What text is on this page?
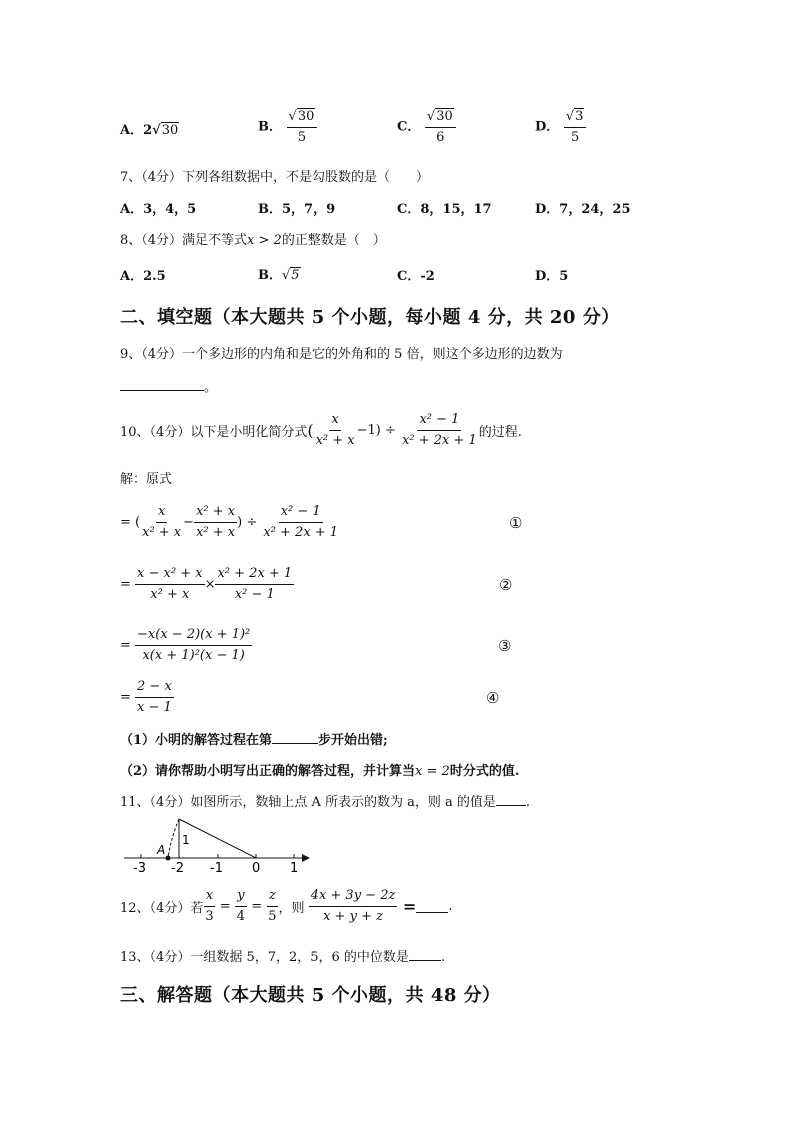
A．2√30	B． $\frac{√30}{5}$	C． $\frac{√30}{6}$	D． $\frac{√3}{5}$
7、（4分）下列各组数据中，不是勾股数的是（　　）
A．3，4，5	B．5，7，9	C．8，15，17	D．7，24，25
8、（4分）满足不等式x > 2的正整数是（　）
A．2.5	B．√5	C．-2	D．5
二、填空题（本大题共 5 个小题，每小题 4 分，共 20 分）
9、（4分）一个多边形的内角和是它的外角和的 5 倍，则这个多边形的边数为
。
10、（4分）以下是小明化简分式( $\frac{x}{\text{x² + x}} -1) \div \frac{\text{x² − 1}}{\text{x² + 2x + 1}}$ 的过程.
解：原式
= ( $\frac{x}{\text{x² + x}} - \frac{\text{x² + x}}{\text{x² + x}}$ ) ÷ $\frac{\text{x² − 1}}{\text{x² + 2x + 1}}$	①
= $\frac{\text{x − x² + x}}{\text{x² + x}} \times \frac{\text{x² + 2x + 1}}{\text{x² − 1}}$	②
= $\frac{\text{−x(x − 2)(x + 1)²}}{\text{x(x + 1)²(x − 1)}}$	③
= $\frac{2 - x}{x - 1}$	④
（1）小明的解答过程在第	步开始出错;
（2）请你帮助小明写出正确的解答过程，并计算当x = 2时分式的值.
11、（4分）如图所示，数轴上点 A 所表示的数为 a，则 a 的值是 .
A
1
-3 -2 -1 0 1
12、（4分）若 $\frac{x}{3} = \frac{y}{4} = \frac{z}{5}$ ，则 $\frac{4x + 3y - 2z}{x + y + z}$ = .
13、（4分）一组数据 5，7，2，5，6 的中位数是 .
三、解答题（本大题共 5 个小题，共 48 分）
